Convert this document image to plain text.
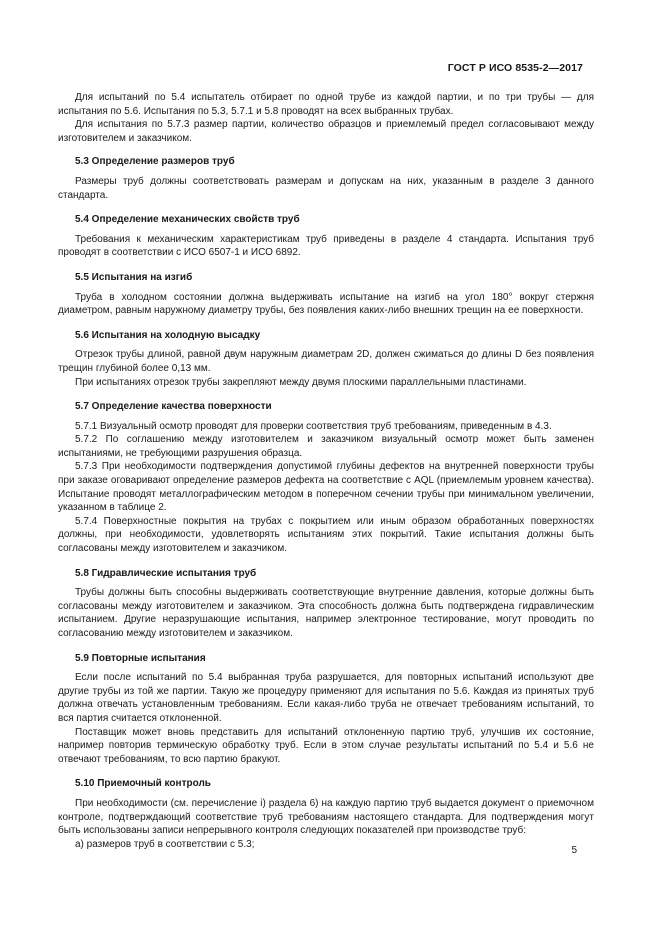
ГОСТ Р ИСО 8535-2—2017

Для испытаний по 5.4 испытатель отбирает по одной трубе из каждой партии, и по три трубы — для испытания по 5.6. Испытания по 5.3, 5.7.1 и 5.8 проводят на всех выбранных трубах.

Для испытания по 5.7.3 размер партии, количество образцов и приемлемый предел согласовывают между изготовителем и заказчиком.

5.3 Определение размеров труб

Размеры труб должны соответствовать размерам и допускам на них, указанным в разделе 3 данного стандарта.

5.4 Определение механических свойств труб

Требования к механическим характеристикам труб приведены в разделе 4 стандарта. Испытания труб проводят в соответствии с ИСО 6507-1 и ИСО 6892.

5.5 Испытания на изгиб

Труба в холодном состоянии должна выдерживать испытание на изгиб на угол 180° вокруг стержня диаметром, равным наружному диаметру трубы, без появления каких-либо внешних трещин на ее поверхности.

5.6 Испытания на холодную высадку

Отрезок трубы длиной, равной двум наружным диаметрам 2D, должен сжиматься до длины D без появления трещин глубиной более 0,13 мм.

При испытаниях отрезок трубы закрепляют между двумя плоскими параллельными пластинами.

5.7 Определение качества поверхности

5.7.1 Визуальный осмотр проводят для проверки соответствия труб требованиям, приведенным в 4.3.

5.7.2 По соглашению между изготовителем и заказчиком визуальный осмотр может быть заменен испытаниями, не требующими разрушения образца.

5.7.3 При необходимости подтверждения допустимой глубины дефектов на внутренней поверхности трубы при заказе оговаривают определение размеров дефекта на соответствие с AQL (приемлемым уровнем качества). Испытание проводят металлографическим методом в поперечном сечении трубы при минимальном увеличении, указанном в таблице 2.

5.7.4 Поверхностные покрытия на трубах с покрытием или иным образом обработанных поверхностях должны, при необходимости, удовлетворять испытаниям этих покрытий. Такие испытания должны быть согласованы между изготовителем и заказчиком.

5.8 Гидравлические испытания труб

Трубы должны быть способны выдерживать соответствующие внутренние давления, которые должны быть согласованы между изготовителем и заказчиком. Эта способность должна быть подтверждена гидравлическим испытанием. Другие неразрушающие испытания, например электронное тестирование, могут проводить по согласованию между изготовителем и заказчиком.

5.9 Повторные испытания

Если после испытаний по 5.4 выбранная труба разрушается, для повторных испытаний используют две другие трубы из той же партии. Такую же процедуру применяют для испытания по 5.6. Каждая из принятых труб должна отвечать установленным требованиям. Если какая-либо труба не отвечает требованиям испытаний, то вся партия считается отклоненной.

Поставщик может вновь представить для испытаний отклоненную партию труб, улучшив их состояние, например повторив термическую обработку труб. Если в этом случае результаты испытаний по 5.4 и 5.6 не отвечают требованиям, то всю партию бракуют.

5.10 Приемочный контроль

При необходимости (см. перечисление i) раздела 6) на каждую партию труб выдается документ о приемочном контроле, подтверждающий соответствие труб требованиям настоящего стандарта. Для подтверждения могут быть использованы записи непрерывного контроля следующих показателей при производстве труб:

a) размеров труб в соответствии с 5.3;

5
